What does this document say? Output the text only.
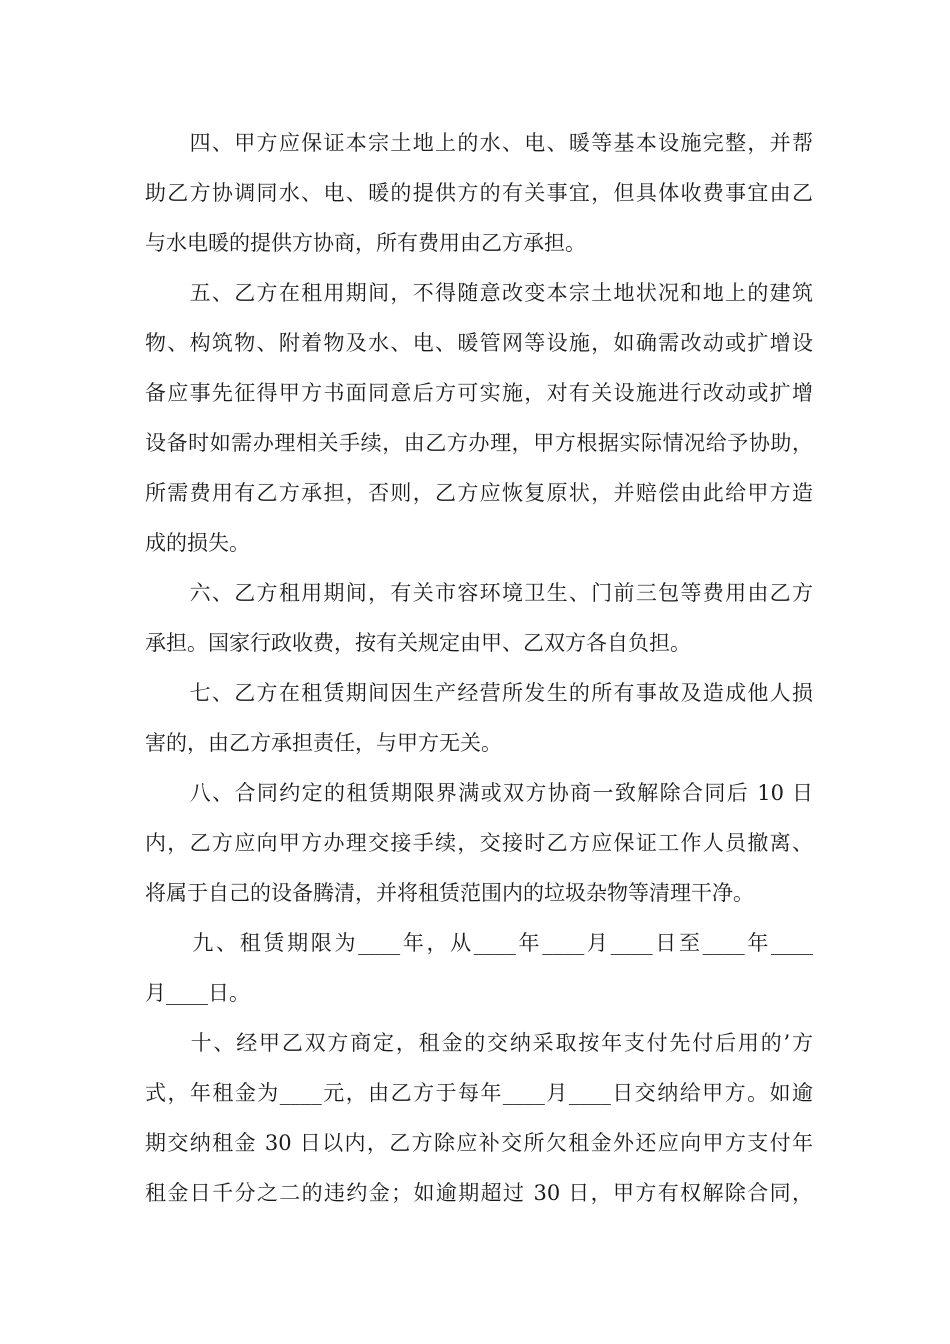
　　四、甲方应保证本宗土地上的水、电、暖等基本设施完整，并帮
助乙方协调同水、电、暖的提供方的有关事宜，但具体收费事宜由乙
与水电暖的提供方协商，所有费用由乙方承担。
　　五、乙方在租用期间，不得随意改变本宗土地状况和地上的建筑
物、构筑物、附着物及水、电、暖管网等设施，如确需改动或扩增设
备应事先征得甲方书面同意后方可实施，对有关设施进行改动或扩增
设备时如需办理相关手续，由乙方办理，甲方根据实际情况给予协助，
所需费用有乙方承担，否则，乙方应恢复原状，并赔偿由此给甲方造
成的损失。
　　六、乙方租用期间，有关市容环境卫生、门前三包等费用由乙方
承担。国家行政收费，按有关规定由甲、乙双方各自负担。
　　七、乙方在租赁期间因生产经营所发生的所有事故及造成他人损
害的，由乙方承担责任，与甲方无关。
　　八、合同约定的租赁期限界满或双方协商一致解除合同后 10 日
内，乙方应向甲方办理交接手续，交接时乙方应保证工作人员撤离、
将属于自己的设备腾清，并将租赁范围内的垃圾杂物等清理干净。
　　九、租赁期限为____年，从____年____月____日至____年____
月____日。
　　十、经甲乙双方商定，租金的交纳采取按年支付先付后用的’方
式，年租金为____元，由乙方于每年____月____日交纳给甲方。如逾
期交纳租金 30 日以内，乙方除应补交所欠租金外还应向甲方支付年
租金日千分之二的违约金；如逾期超过 30 日，甲方有权解除合同，
